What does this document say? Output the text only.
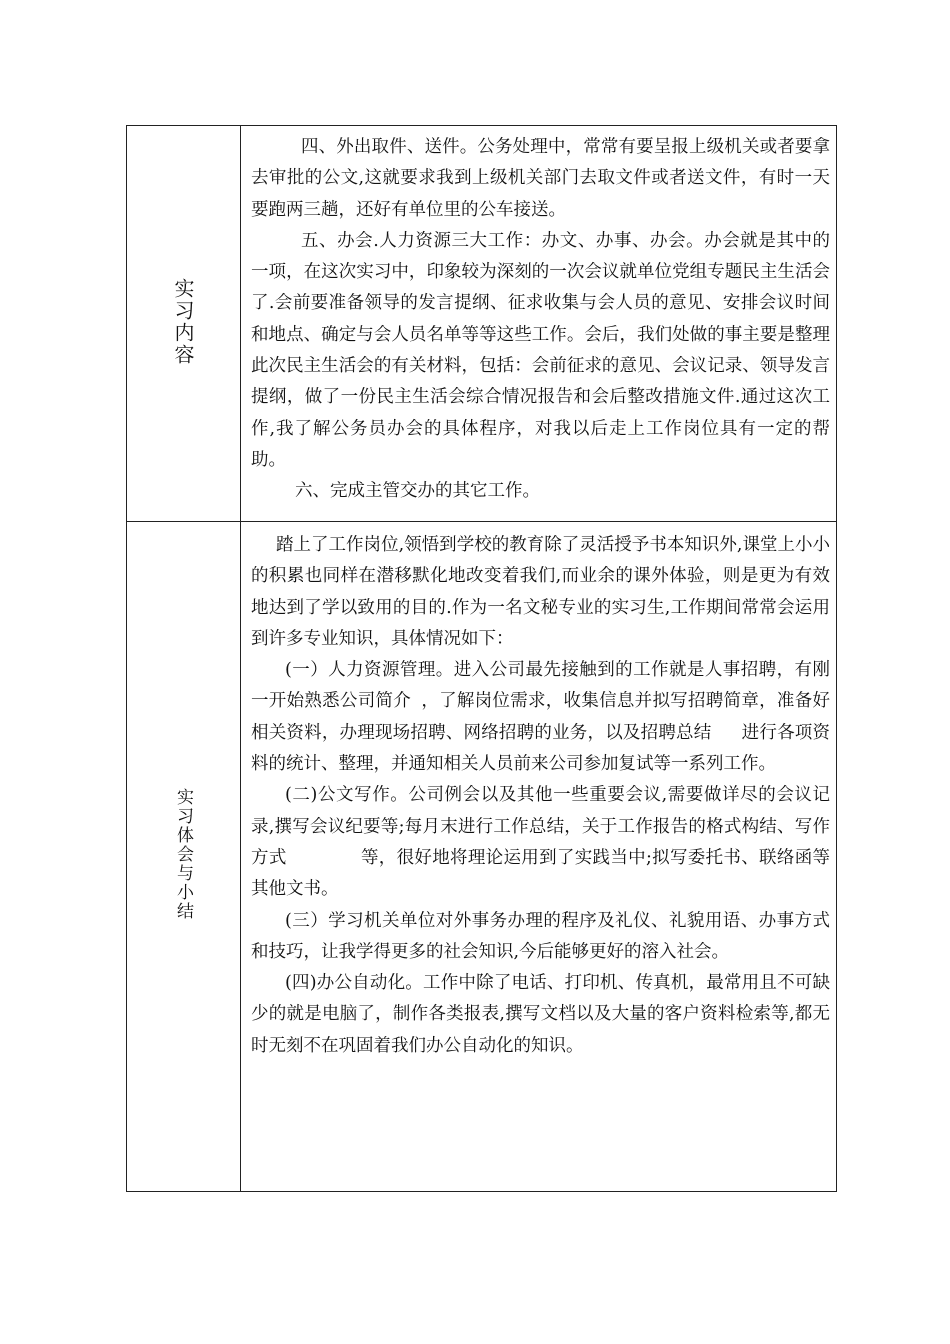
实习内容	四、外出取件、送件。公务处理中，常常有要呈报上级机关或者要拿去审批的公文,这就要求我到上级机关部门去取文件或者送文件，有时一天要跑两三趟，还好有单位里的公车接送。

五、办会.人力资源三大工作：办文、办事、办会。办会就是其中的一项，在这次实习中，印象较为深刻的一次会议就单位党组专题民主生活会了.会前要准备领导的发言提纲、征求收集与会人员的意见、安排会议时间和地点、确定与会人员名单等等这些工作。会后，我们处做的事主要是整理此次民主生活会的有关材料，包括：会前征求的意见、会议记录、领导发言提纲，做了一份民主生活会综合情况报告和会后整改措施文件.通过这次工作,我了解公务员办会的具体程序，对我以后走上工作岗位具有一定的帮助。

六、完成主管交办的其它工作。

实习体会与小结	踏上了工作岗位,领悟到学校的教育除了灵活授予书本知识外,课堂上小小的积累也同样在潜移默化地改变着我们,而业余的课外体验，则是更为有效地达到了学以致用的目的.作为一名文秘专业的实习生,工作期间常常会运用到许多专业知识，具体情况如下：

(一）人力资源管理。进入公司最先接触到的工作就是人事招聘，有刚一开始熟悉公司简介 ，了解岗位需求，收集信息并拟写招聘简章，准备好相关资料，办理现场招聘、网络招聘的业务，以及招聘总结 进行各项资料的统计、整理，并通知相关人员前来公司参加复试等一系列工作。

(二)公文写作。公司例会以及其他一些重要会议,需要做详尽的会议记录,撰写会议纪要等;每月末进行工作总结，关于工作报告的格式构结、写作方式 等，很好地将理论运用到了实践当中;拟写委托书、联络函等其他文书。

(三）学习机关单位对外事务办理的程序及礼仪、礼貌用语、办事方式和技巧，让我学得更多的社会知识,今后能够更好的溶入社会。

(四)办公自动化。工作中除了电话、打印机、传真机，最常用且不可缺少的就是电脑了，制作各类报表,撰写文档以及大量的客户资料检索等,都无时无刻不在巩固着我们办公自动化的知识。
